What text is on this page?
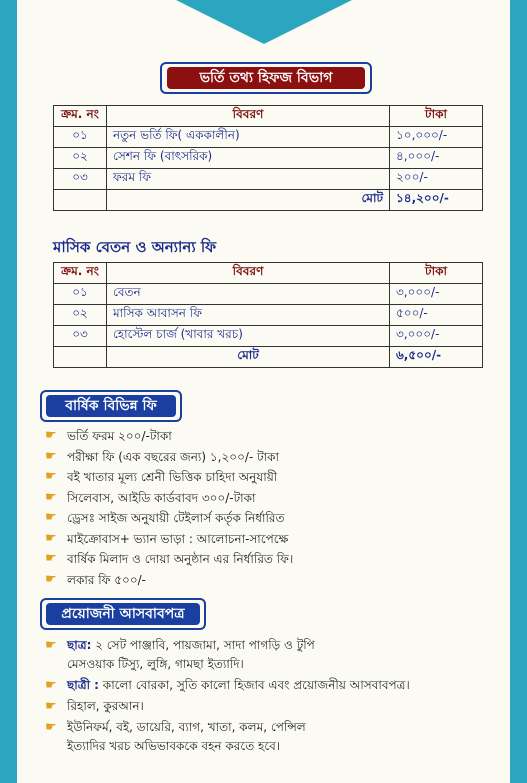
ভর্তি তথ্য হিফজ বিভাগ
ক্রম. নং	বিবরণ	টাকা
০১	নতুন ভর্তি ফি( এককালীন)	১০,০০০/-
০২	সেশন ফি (বাৎসরিক)	৪,০০০/-
০৩	ফরম ফি	২০০/-
	মোট	১৪,২০০/-
মাসিক বেতন ও অন্যান্য ফি
ক্রম. নং	বিবরণ	টাকা
০১	বেতন	৩,০০০/-
০২	মাসিক আবাসন ফি	৫০০/-
০৩	হোস্টেল চার্জ (খাবার খরচ)	৩,০০০/-
	মোট	৬,৫০০/-
বার্ষিক বিভিন্ন ফি
☛ ভর্তি ফরম ২০০/-টাকা
☛ পরীক্ষা ফি (এক বছরের জন্য) ১,২০০/- টাকা
☛ বই খাতার মূল্য শ্রেনী ভিত্তিক চাহিদা অনুযায়ী
☛ সিলেবাস, আইডি কার্ডবাবদ ৩০০/-টাকা
☛ ড্রেসঃ সাইজ অনুযায়ী টেইলার্স কর্তৃক নির্ধারিত
☛ মাইক্রোবাস+ ভ্যান ভাড়া : আলোচনা-সাপেক্ষে
☛ বার্ষিক মিলাদ ও দোয়া অনুষ্ঠান এর নির্ধারিত ফি।
☛ লকার ফি ৫০০/-
প্রয়োজনী আসবাবপত্র
☛ ছাত্র: ২ সেট পাঞ্জাবি, পায়জামা, সাদা পাগড়ি ও টুপি
মেসওয়াক টিস্যু, লুঙ্গি, গামছা ইত্যাদি।
☛ ছাত্রী : কালো বোরকা, সুতি কালো হিজাব এবং প্রয়োজনীয় আসবাবপত্র।
☛ রিহাল, কুরআন।
☛ ইউনিফর্ম, বই, ডায়েরি, ব্যাগ, খাতা, কলম, পেন্সিল
ইত্যাদির খরচ অভিভাবককে বহন করতে হবে।
